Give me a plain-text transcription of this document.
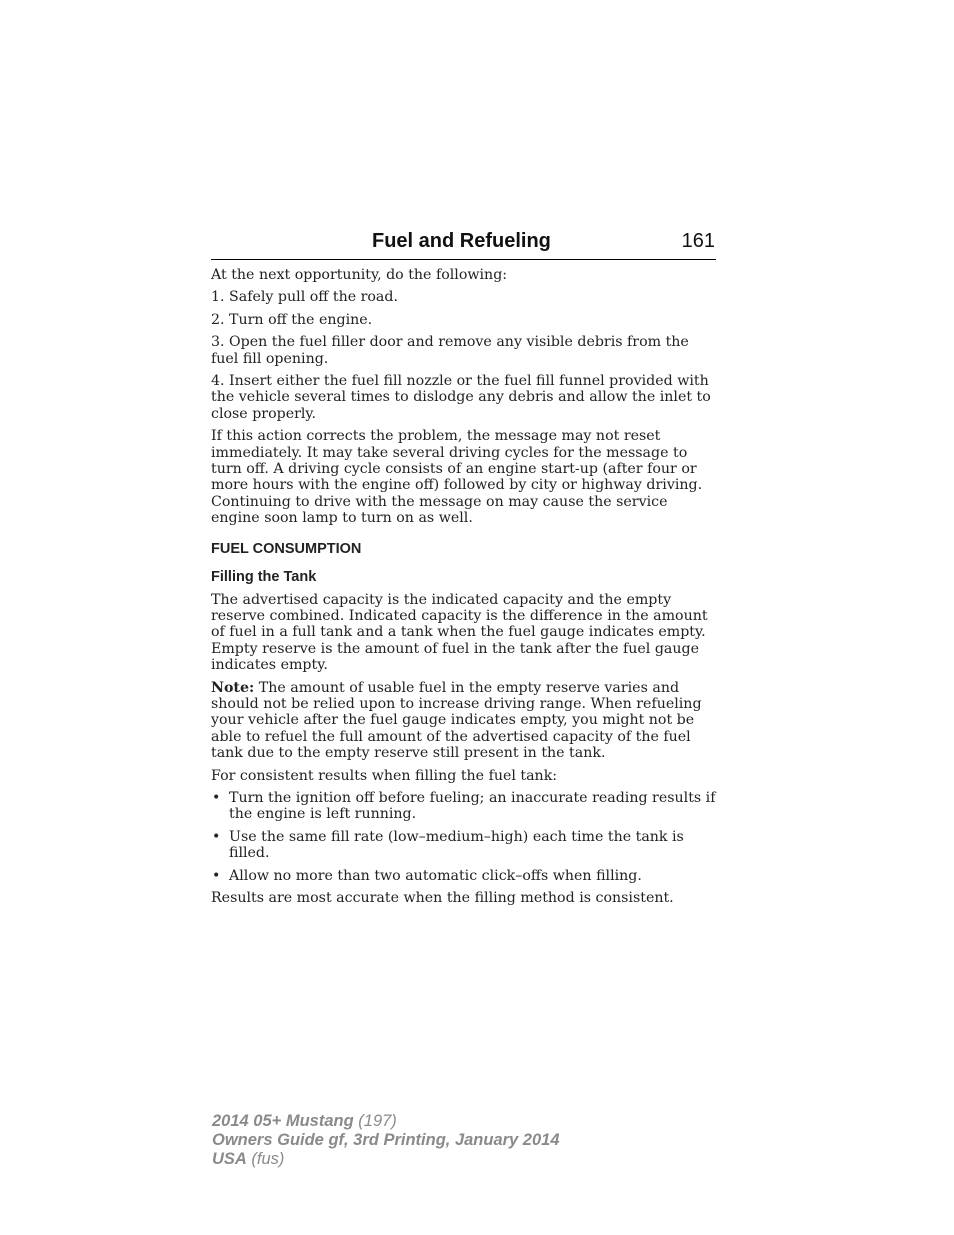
Fuel and Refueling	161

At the next opportunity, do the following:

1. Safely pull off the road.

2. Turn off the engine.

3. Open the fuel filler door and remove any visible debris from the fuel fill opening.

4. Insert either the fuel fill nozzle or the fuel fill funnel provided with the vehicle several times to dislodge any debris and allow the inlet to close properly.

If this action corrects the problem, the message may not reset immediately. It may take several driving cycles for the message to turn off. A driving cycle consists of an engine start-up (after four or more hours with the engine off) followed by city or highway driving. Continuing to drive with the message on may cause the service engine soon lamp to turn on as well.

FUEL CONSUMPTION
Filling the Tank

The advertised capacity is the indicated capacity and the empty reserve combined. Indicated capacity is the difference in the amount of fuel in a full tank and a tank when the fuel gauge indicates empty. Empty reserve is the amount of fuel in the tank after the fuel gauge indicates empty.

Note: The amount of usable fuel in the empty reserve varies and should not be relied upon to increase driving range. When refueling your vehicle after the fuel gauge indicates empty, you might not be able to refuel the full amount of the advertised capacity of the fuel tank due to the empty reserve still present in the tank.

For consistent results when filling the fuel tank:

• Turn the ignition off before fueling; an inaccurate reading results if the engine is left running.
• Use the same fill rate (low–medium–high) each time the tank is filled.
• Allow no more than two automatic click–offs when filling.

Results are most accurate when the filling method is consistent.

2014 05+ Mustang (197)
Owners Guide gf, 3rd Printing, January 2014
USA (fus)
